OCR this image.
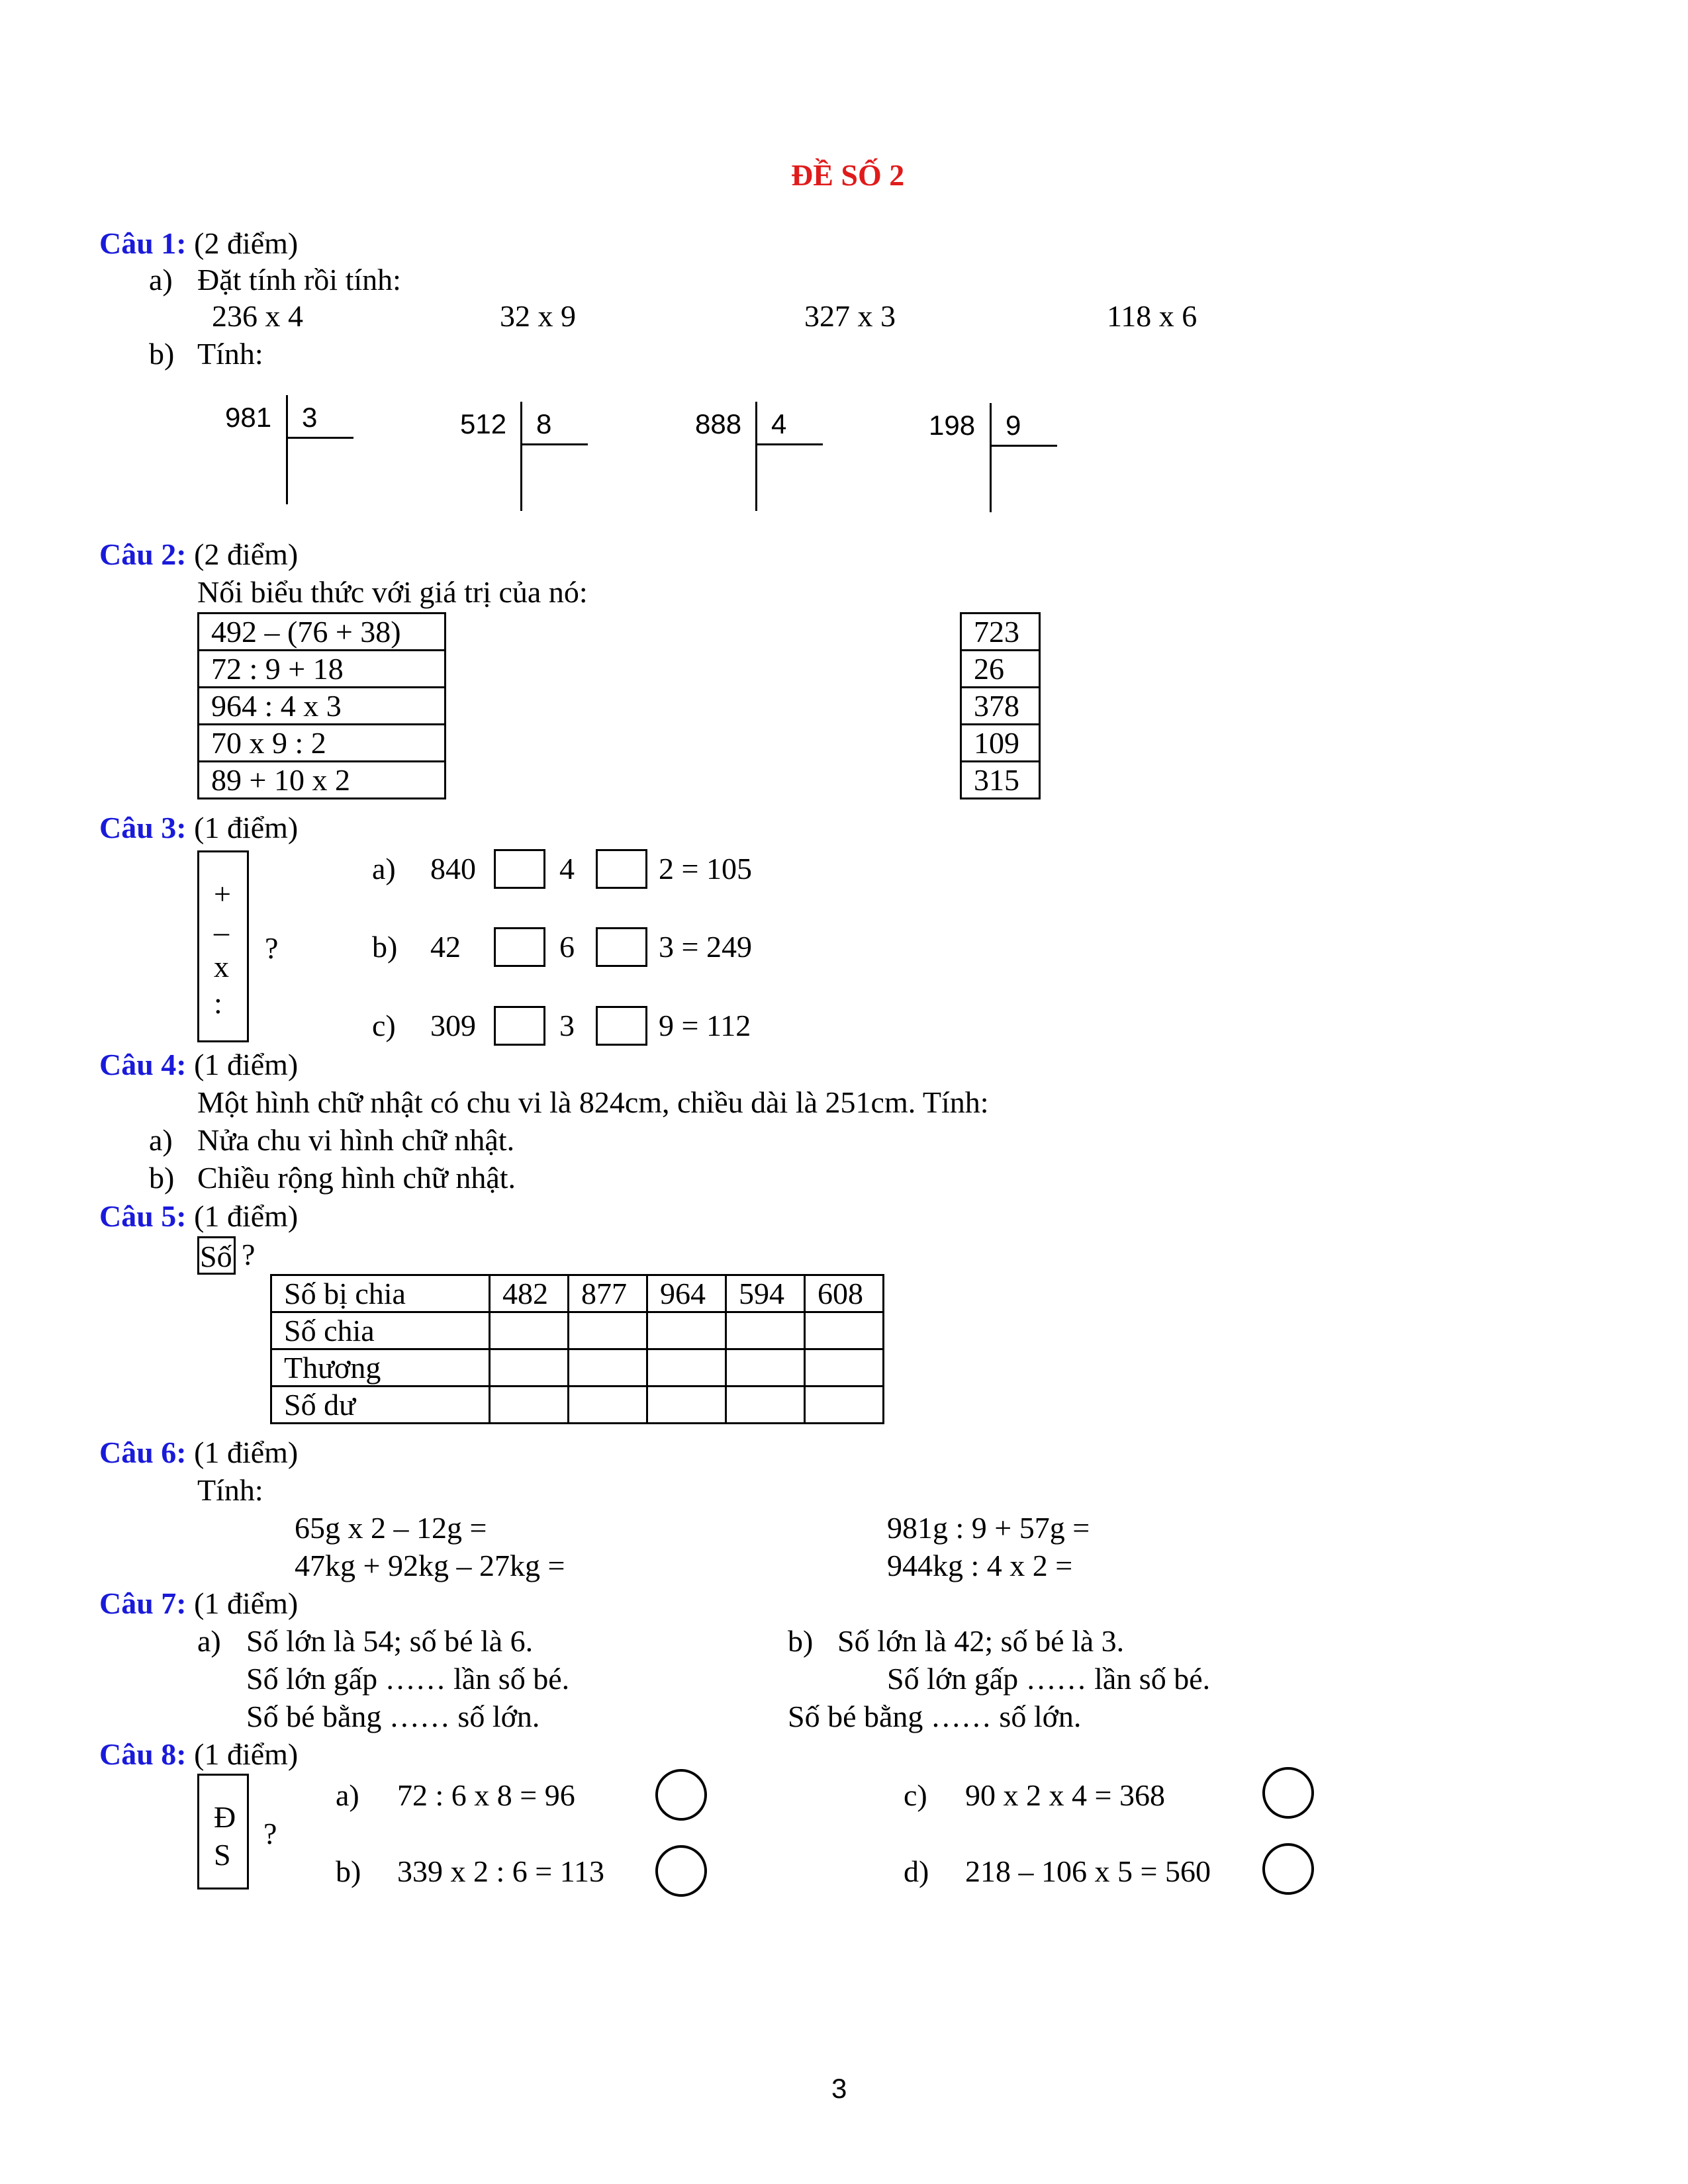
ĐỀ SỐ 2
Câu 1: (2 điểm)
a) Đặt tính rồi tính:
236 x 4	32 x 9	327 x 3	118 x 6
b) Tính:
981 3	512 8	888 4	198 9
Câu 2: (2 điểm)
Nối biểu thức với giá trị của nó:
492 – (76 + 38)
72 : 9 + 18
964 : 4 x 3
70 x 9 : 2
89 + 10 x 2
723
26
378
109
315
Câu 3: (1 điểm)
+
–
x
:
?
a) 840	4	2 = 105
b) 42	6	3 = 249
c) 309	3	9 = 112
Câu 4: (1 điểm)
Một hình chữ nhật có chu vi là 824cm, chiều dài là 251cm. Tính:
a) Nửa chu vi hình chữ nhật.
b) Chiều rộng hình chữ nhật.
Câu 5: (1 điểm)
Số ?
Số bị chia	482	877	964	594	608
Số chia					
Thương					
Số dư					
Câu 6: (1 điểm)
Tính:
65g x 2 – 12g =
47kg + 92kg – 27kg =
981g : 9 + 57g =
944kg : 4 x 2 =
Câu 7: (1 điểm)
a) Số lớn là 54; số bé là 6.
Số lớn gấp …… lần số bé.
Số bé bằng …… số lớn.
b) Số lớn là 42; số bé là 3.
Số lớn gấp …… lần số bé.
Số bé bằng …… số lớn.
Câu 8: (1 điểm)
Đ
S
?
a) 72 : 6 x 8 = 96
b) 339 x 2 : 6 = 113
c) 90 x 2 x 4 = 368
d) 218 – 106 x 5 = 560
3
